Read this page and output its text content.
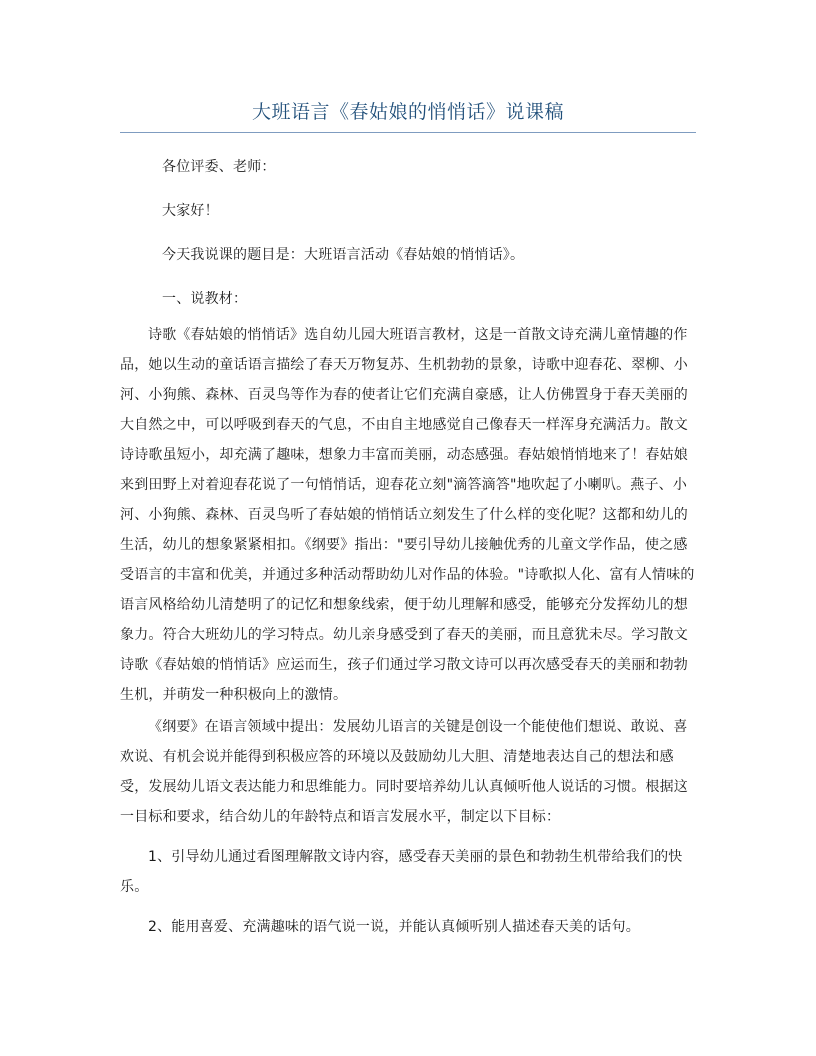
大班语言《春姑娘的悄悄话》说课稿

各位评委、老师：

大家好！

今天我说课的题目是：大班语言活动《春姑娘的悄悄话》。

一、说教材：

诗歌《春姑娘的悄悄话》选自幼儿园大班语言教材，这是一首散文诗充满儿童情趣的作品，她以生动的童话语言描绘了春天万物复苏、生机勃勃的景象，诗歌中迎春花、翠柳、小河、小狗熊、森林、百灵鸟等作为春的使者让它们充满自豪感，让人仿佛置身于春天美丽的大自然之中，可以呼吸到春天的气息，不由自主地感觉自己像春天一样浑身充满活力。散文诗诗歌虽短小，却充满了趣味，想象力丰富而美丽，动态感强。春姑娘悄悄地来了！春姑娘来到田野上对着迎春花说了一句悄悄话，迎春花立刻"滴答滴答"地吹起了小喇叭。燕子、小河、小狗熊、森林、百灵鸟听了春姑娘的悄悄话立刻发生了什么样的变化呢？这都和幼儿的生活，幼儿的想象紧紧相扣。《纲要》指出："要引导幼儿接触优秀的儿童文学作品，使之感受语言的丰富和优美，并通过多种活动帮助幼儿对作品的体验。"诗歌拟人化、富有人情味的语言风格给幼儿清楚明了的记忆和想象线索，便于幼儿理解和感受，能够充分发挥幼儿的想象力。符合大班幼儿的学习特点。幼儿亲身感受到了春天的美丽，而且意犹未尽。学习散文诗歌《春姑娘的悄悄话》应运而生，孩子们通过学习散文诗可以再次感受春天的美丽和勃勃生机，并萌发一种积极向上的激情。

《纲要》在语言领域中提出：发展幼儿语言的关键是创设一个能使他们想说、敢说、喜欢说、有机会说并能得到积极应答的环境以及鼓励幼儿大胆、清楚地表达自己的想法和感受，发展幼儿语文表达能力和思维能力。同时要培养幼儿认真倾听他人说话的习惯。根据这一目标和要求，结合幼儿的年龄特点和语言发展水平，制定以下目标：

1、引导幼儿通过看图理解散文诗内容，感受春天美丽的景色和勃勃生机带给我们的快乐。

2、能用喜爱、充满趣味的语气说一说，并能认真倾听别人描述春天美的话句。
